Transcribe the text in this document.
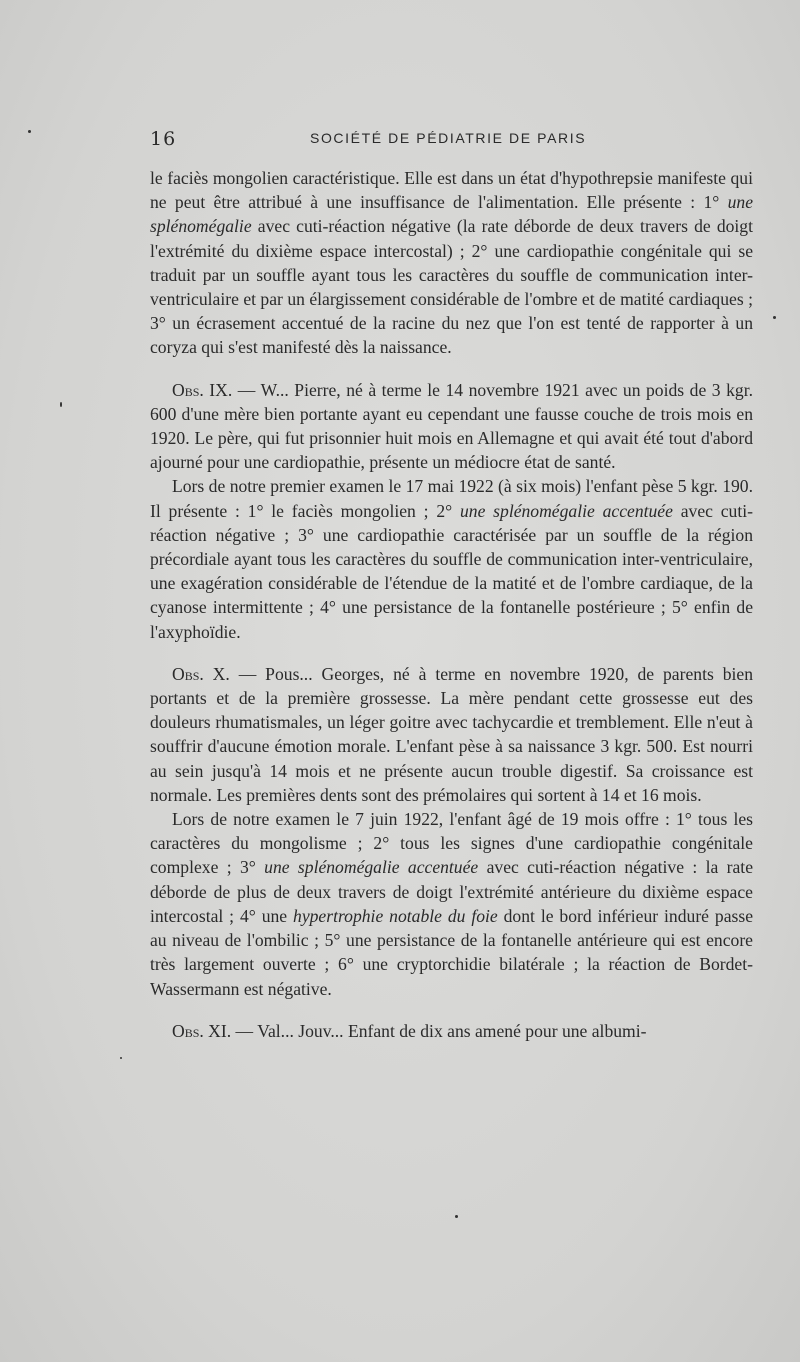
16	SOCIÉTÉ DE PÉDIATRIE DE PARIS

le faciès mongolien caractéristique. Elle est dans un état d'hypothrepsie manifeste qui ne peut être attribué à une insuffisance de l'alimentation. Elle présente : 1° une splénomégalie avec cuti-réaction négative (la rate déborde de deux travers de doigt l'extrémité du dixième espace intercostal) ; 2° une cardiopathie congénitale qui se traduit par un souffle ayant tous les caractères du souffle de communication inter-ventriculaire et par un élargissement considérable de l'ombre et de matité cardiaques ; 3° un écrasement accentué de la racine du nez que l'on est tenté de rapporter à un coryza qui s'est manifesté dès la naissance.

Obs. IX. — W... Pierre, né à terme le 14 novembre 1921 avec un poids de 3 kgr. 600 d'une mère bien portante ayant eu cependant une fausse couche de trois mois en 1920. Le père, qui fut prisonnier huit mois en Allemagne et qui avait été tout d'abord ajourné pour une cardiopathie, présente un médiocre état de santé.

Lors de notre premier examen le 17 mai 1922 (à six mois) l'enfant pèse 5 kgr. 190. Il présente : 1° le faciès mongolien ; 2° une splénomégalie accentuée avec cuti-réaction négative ; 3° une cardiopathie caractérisée par un souffle de la région précordiale ayant tous les caractères du souffle de communication inter-ventriculaire, une exagération considérable de l'étendue de la matité et de l'ombre cardiaque, de la cyanose intermittente ; 4° une persistance de la fontanelle postérieure ; 5° enfin de l'axyphoïdie.

Obs. X. — Pous... Georges, né à terme en novembre 1920, de parents bien portants et de la première grossesse. La mère pendant cette grossesse eut des douleurs rhumatismales, un léger goitre avec tachycardie et tremblement. Elle n'eut à souffrir d'aucune émotion morale. L'enfant pèse à sa naissance 3 kgr. 500. Est nourri au sein jusqu'à 14 mois et ne présente aucun trouble digestif. Sa croissance est normale. Les premières dents sont des prémolaires qui sortent à 14 et 16 mois.

Lors de notre examen le 7 juin 1922, l'enfant âgé de 19 mois offre : 1° tous les caractères du mongolisme ; 2° tous les signes d'une cardiopathie congénitale complexe ; 3° une splénomégalie accentuée avec cuti-réaction négative : la rate déborde de plus de deux travers de doigt l'extrémité antérieure du dixième espace intercostal ; 4° une hypertrophie notable du foie dont le bord inférieur induré passe au niveau de l'ombilic ; 5° une persistance de la fontanelle antérieure qui est encore très largement ouverte ; 6° une cryptorchidie bilatérale ; la réaction de Bordet-Wassermann est négative.

Obs. XI. — Val... Jouv... Enfant de dix ans amené pour une albumi-
